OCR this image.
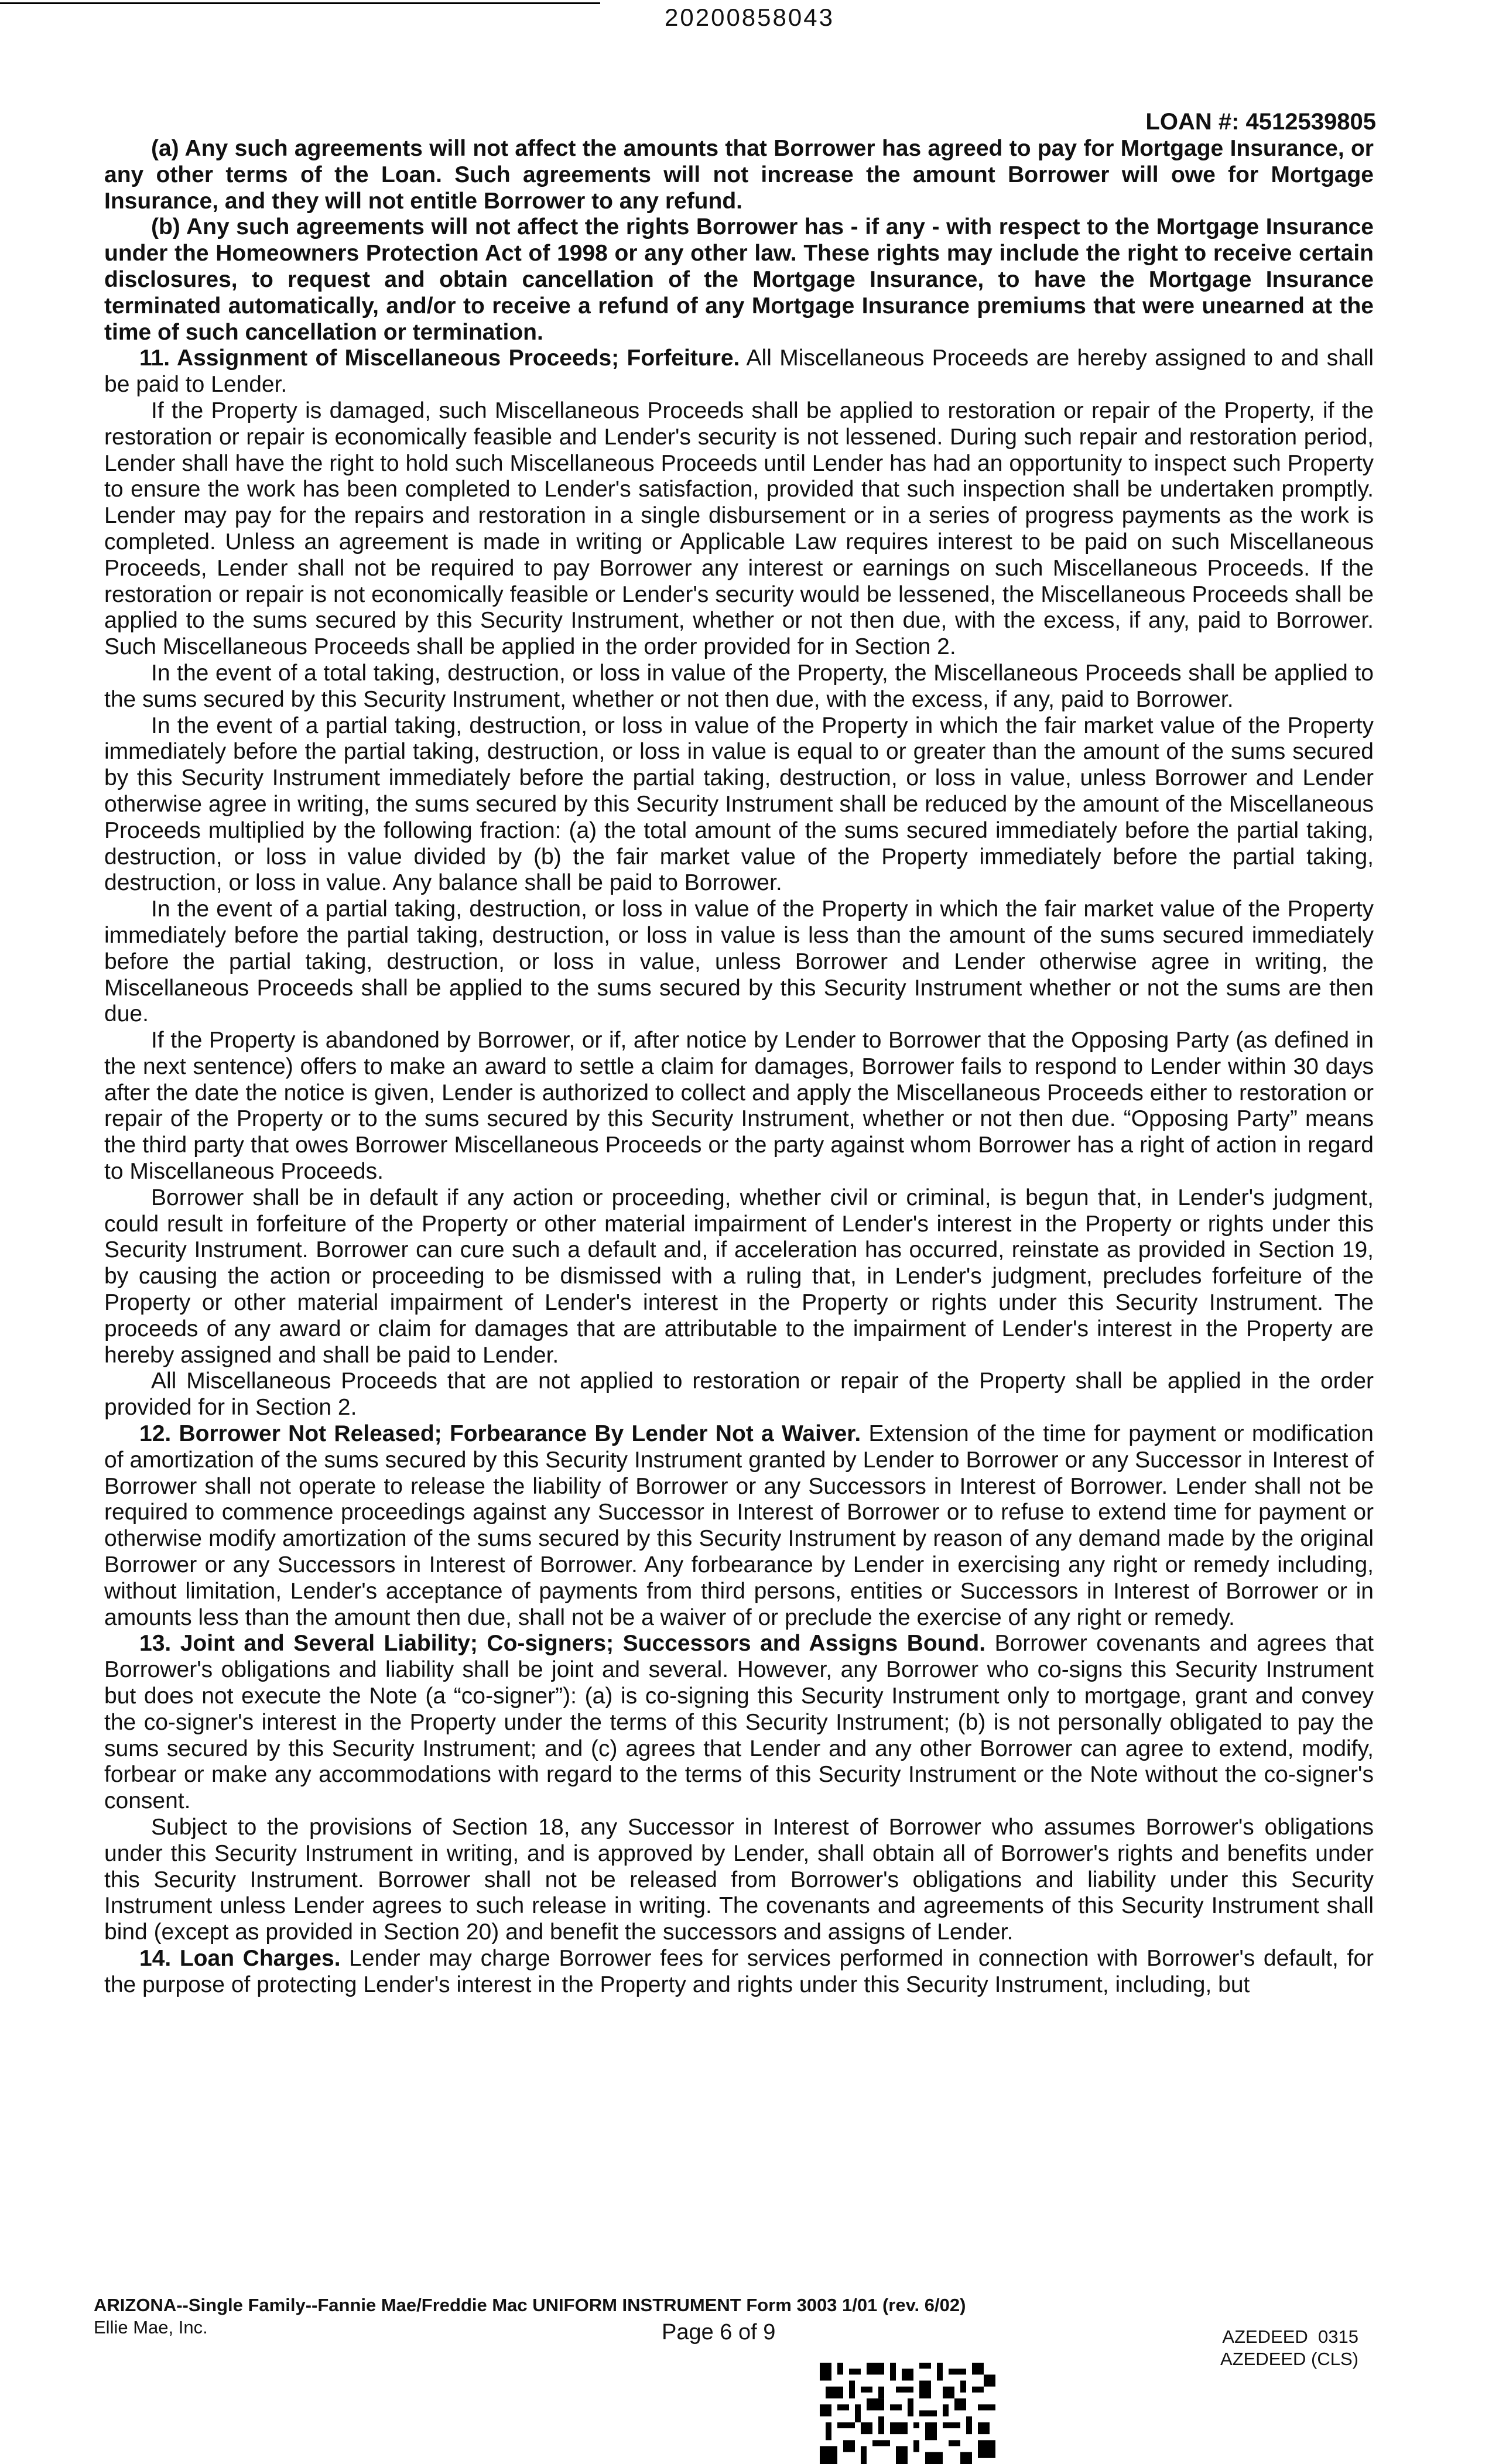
20200858043
LOAN #: 4512539805

(a) Any such agreements will not affect the amounts that Borrower has agreed to pay for Mortgage Insurance, or any other terms of the Loan. Such agreements will not increase the amount Borrower will owe for Mortgage Insurance, and they will not entitle Borrower to any refund.

(b) Any such agreements will not affect the rights Borrower has - if any - with respect to the Mortgage Insurance under the Homeowners Protection Act of 1998 or any other law. These rights may include the right to receive certain disclosures, to request and obtain cancellation of the Mortgage Insurance, to have the Mortgage Insurance terminated automatically, and/or to receive a refund of any Mortgage Insurance premiums that were unearned at the time of such cancellation or termination.

11. Assignment of Miscellaneous Proceeds; Forfeiture. All Miscellaneous Proceeds are hereby assigned to and shall be paid to Lender.

If the Property is damaged, such Miscellaneous Proceeds shall be applied to restoration or repair of the Property, if the restoration or repair is economically feasible and Lender's security is not lessened. During such repair and restoration period, Lender shall have the right to hold such Miscellaneous Proceeds until Lender has had an opportunity to inspect such Property to ensure the work has been completed to Lender's satisfaction, provided that such inspection shall be undertaken promptly. Lender may pay for the repairs and restoration in a single disbursement or in a series of progress payments as the work is completed. Unless an agreement is made in writing or Applicable Law requires interest to be paid on such Miscellaneous Proceeds, Lender shall not be required to pay Borrower any interest or earnings on such Miscellaneous Proceeds. If the restoration or repair is not economically feasible or Lender's security would be lessened, the Miscellaneous Proceeds shall be applied to the sums secured by this Security Instrument, whether or not then due, with the excess, if any, paid to Borrower. Such Miscellaneous Proceeds shall be applied in the order provided for in Section 2.

In the event of a total taking, destruction, or loss in value of the Property, the Miscellaneous Proceeds shall be applied to the sums secured by this Security Instrument, whether or not then due, with the excess, if any, paid to Borrower.

In the event of a partial taking, destruction, or loss in value of the Property in which the fair market value of the Property immediately before the partial taking, destruction, or loss in value is equal to or greater than the amount of the sums secured by this Security Instrument immediately before the partial taking, destruction, or loss in value, unless Borrower and Lender otherwise agree in writing, the sums secured by this Security Instrument shall be reduced by the amount of the Miscellaneous Proceeds multiplied by the following fraction: (a) the total amount of the sums secured immediately before the partial taking, destruction, or loss in value divided by (b) the fair market value of the Property immediately before the partial taking, destruction, or loss in value. Any balance shall be paid to Borrower.

In the event of a partial taking, destruction, or loss in value of the Property in which the fair market value of the Property immediately before the partial taking, destruction, or loss in value is less than the amount of the sums secured immediately before the partial taking, destruction, or loss in value, unless Borrower and Lender otherwise agree in writing, the Miscellaneous Proceeds shall be applied to the sums secured by this Security Instrument whether or not the sums are then due.

If the Property is abandoned by Borrower, or if, after notice by Lender to Borrower that the Opposing Party (as defined in the next sentence) offers to make an award to settle a claim for damages, Borrower fails to respond to Lender within 30 days after the date the notice is given, Lender is authorized to collect and apply the Miscellaneous Proceeds either to restoration or repair of the Property or to the sums secured by this Security Instrument, whether or not then due. “Opposing Party” means the third party that owes Borrower Miscellaneous Proceeds or the party against whom Borrower has a right of action in regard to Miscellaneous Proceeds.

Borrower shall be in default if any action or proceeding, whether civil or criminal, is begun that, in Lender's judgment, could result in forfeiture of the Property or other material impairment of Lender's interest in the Property or rights under this Security Instrument. Borrower can cure such a default and, if acceleration has occurred, reinstate as provided in Section 19, by causing the action or proceeding to be dismissed with a ruling that, in Lender's judgment, precludes forfeiture of the Property or other material impairment of Lender's interest in the Property or rights under this Security Instrument. The proceeds of any award or claim for damages that are attributable to the impairment of Lender's interest in the Property are hereby assigned and shall be paid to Lender.

All Miscellaneous Proceeds that are not applied to restoration or repair of the Property shall be applied in the order provided for in Section 2.

12. Borrower Not Released; Forbearance By Lender Not a Waiver. Extension of the time for payment or modification of amortization of the sums secured by this Security Instrument granted by Lender to Borrower or any Successor in Interest of Borrower shall not operate to release the liability of Borrower or any Successors in Interest of Borrower. Lender shall not be required to commence proceedings against any Successor in Interest of Borrower or to refuse to extend time for payment or otherwise modify amortization of the sums secured by this Security Instrument by reason of any demand made by the original Borrower or any Successors in Interest of Borrower. Any forbearance by Lender in exercising any right or remedy including, without limitation, Lender's acceptance of payments from third persons, entities or Successors in Interest of Borrower or in amounts less than the amount then due, shall not be a waiver of or preclude the exercise of any right or remedy.

13. Joint and Several Liability; Co-signers; Successors and Assigns Bound. Borrower covenants and agrees that Borrower's obligations and liability shall be joint and several. However, any Borrower who co-signs this Security Instrument but does not execute the Note (a “co-signer”): (a) is co-signing this Security Instrument only to mortgage, grant and convey the co-signer's interest in the Property under the terms of this Security Instrument; (b) is not personally obligated to pay the sums secured by this Security Instrument; and (c) agrees that Lender and any other Borrower can agree to extend, modify, forbear or make any accommodations with regard to the terms of this Security Instrument or the Note without the co-signer's consent.

Subject to the provisions of Section 18, any Successor in Interest of Borrower who assumes Borrower's obligations under this Security Instrument in writing, and is approved by Lender, shall obtain all of Borrower's rights and benefits under this Security Instrument. Borrower shall not be released from Borrower's obligations and liability under this Security Instrument unless Lender agrees to such release in writing. The covenants and agreements of this Security Instrument shall bind (except as provided in Section 20) and benefit the successors and assigns of Lender.

14. Loan Charges. Lender may charge Borrower fees for services performed in connection with Borrower's default, for the purpose of protecting Lender's interest in the Property and rights under this Security Instrument, including, but

ARIZONA--Single Family--Fannie Mae/Freddie Mac UNIFORM INSTRUMENT Form 3003 1/01 (rev. 6/02)
Ellie Mae, Inc.	Page 6 of 9	AZEDEED  0315
AZEDEED (CLS)
